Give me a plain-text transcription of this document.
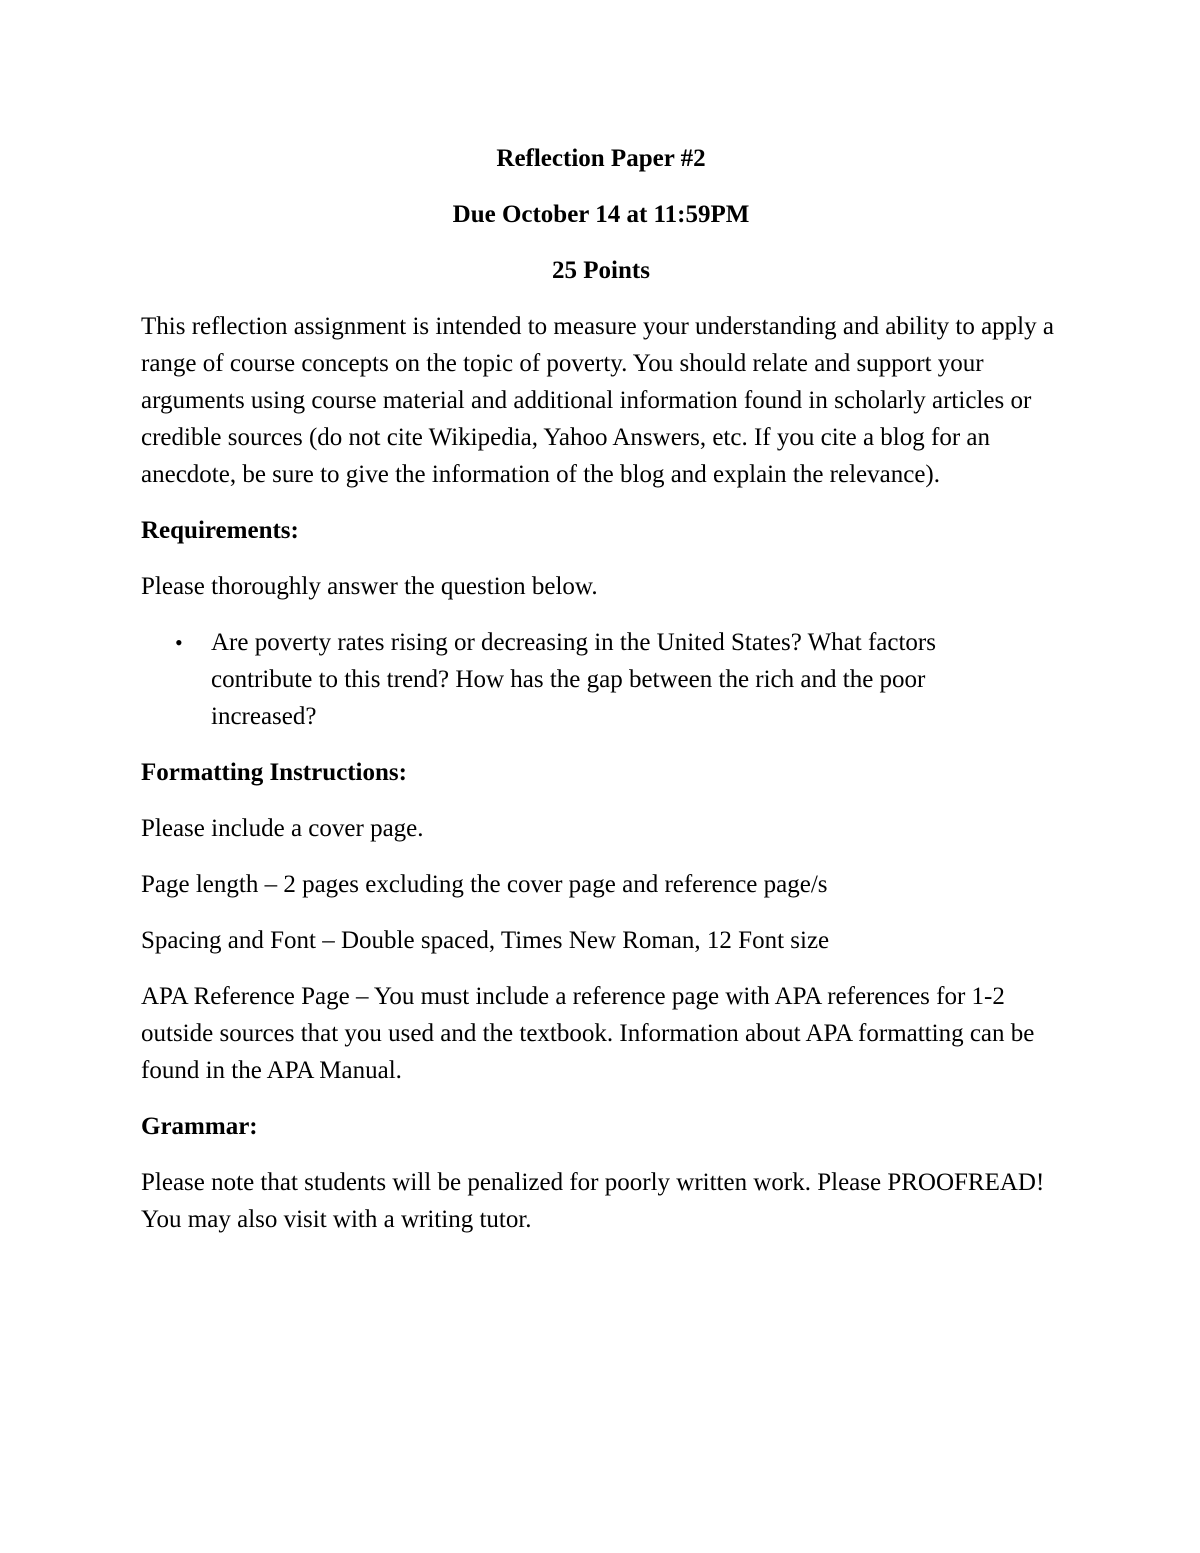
Reflection Paper #2
Due October 14 at 11:59PM
25 Points

This reflection assignment is intended to measure your understanding and ability to apply a range of course concepts on the topic of poverty. You should relate and support your arguments using course material and additional information found in scholarly articles or credible sources (do not cite Wikipedia, Yahoo Answers, etc. If you cite a blog for an anecdote, be sure to give the information of the blog and explain the relevance).

Requirements:

Please thoroughly answer the question below.

• Are poverty rates rising or decreasing in the United States? What factors contribute to this trend? How has the gap between the rich and the poor increased?
Formatting Instructions:

Please include a cover page.

Page length – 2 pages excluding the cover page and reference page/s

Spacing and Font – Double spaced, Times New Roman, 12 Font size

APA Reference Page – You must include a reference page with APA references for 1-2 outside sources that you used and the textbook. Information about APA formatting can be found in the APA Manual.

Grammar:

Please note that students will be penalized for poorly written work. Please PROOFREAD! You may also visit with a writing tutor.
